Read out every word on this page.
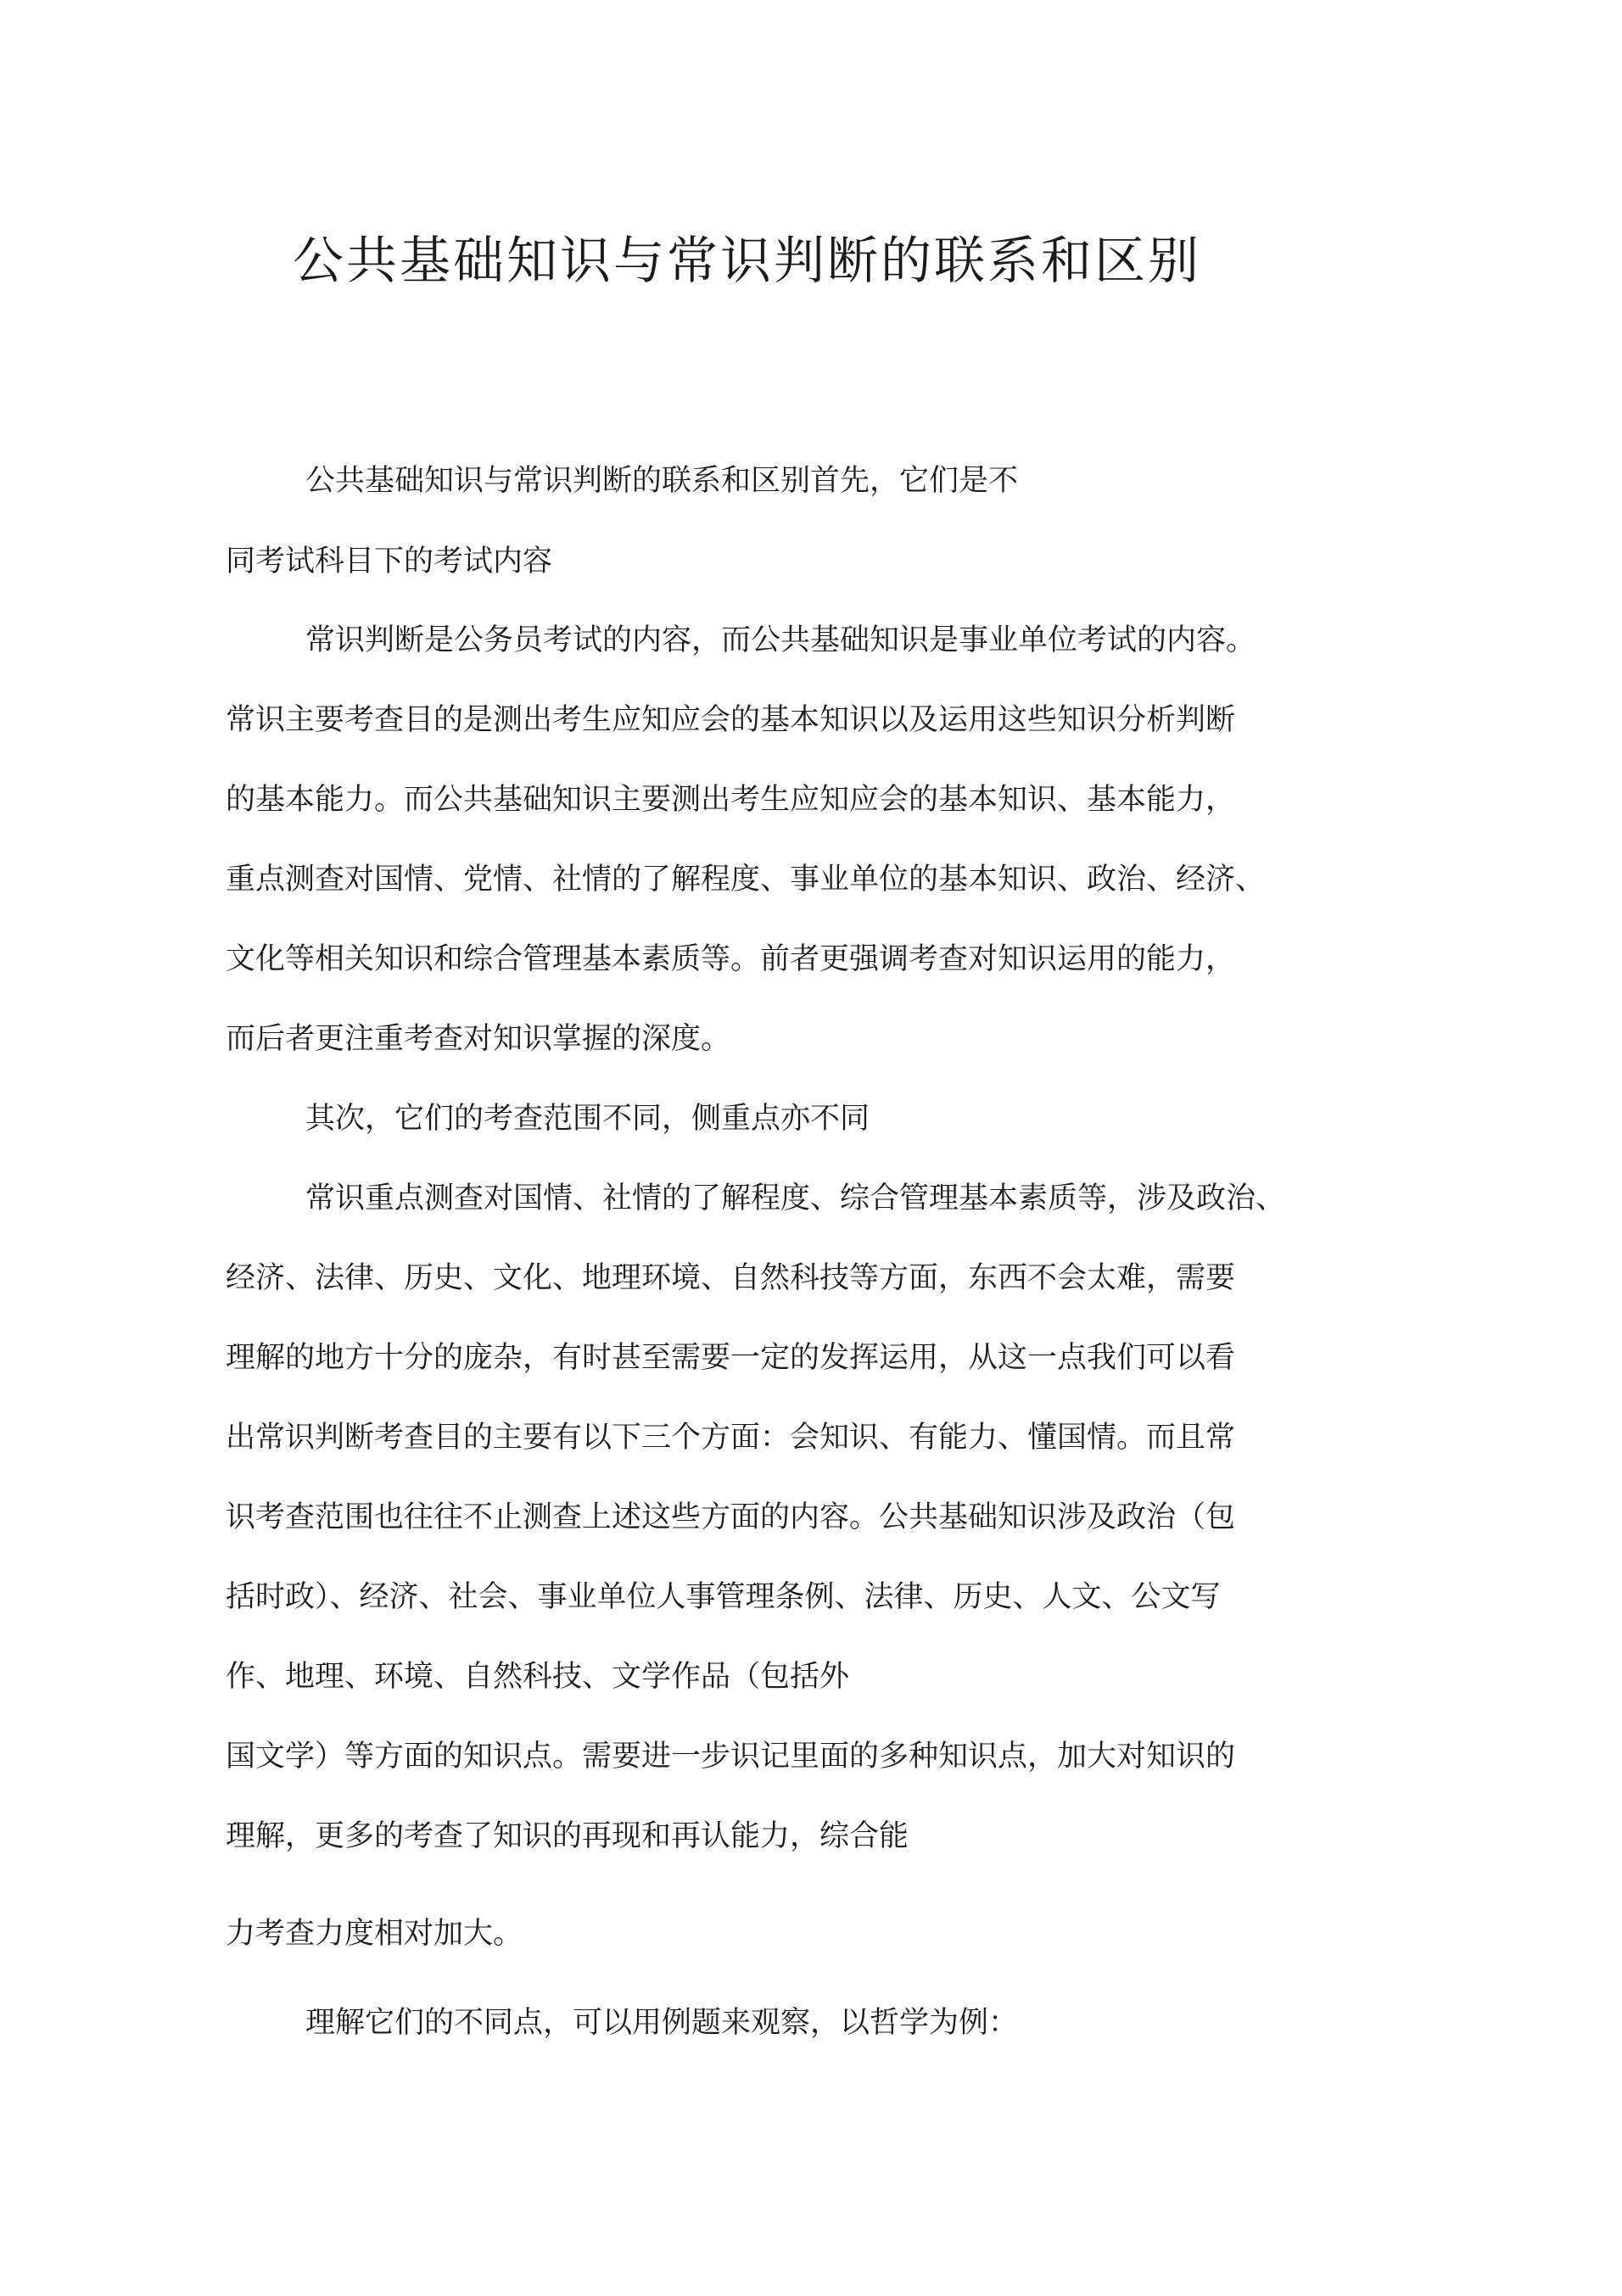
公共基础知识与常识判断的联系和区别

公共基础知识与常识判断的联系和区别首先，它们是不

同考试科目下的考试内容

常识判断是公务员考试的内容，而公共基础知识是事业单位考试的内容。

常识主要考查目的是测出考生应知应会的基本知识以及运用这些知识分析判断

的基本能力。而公共基础知识主要测出考生应知应会的基本知识、基本能力，

重点测查对国情、党情、社情的了解程度、事业单位的基本知识、政治、经济、

文化等相关知识和综合管理基本素质等。前者更强调考查对知识运用的能力，

而后者更注重考查对知识掌握的深度。

其次，它们的考查范围不同，侧重点亦不同

常识重点测查对国情、社情的了解程度、综合管理基本素质等，涉及政治、

经济、法律、历史、文化、地理环境、自然科技等方面，东西不会太难，需要

理解的地方十分的庞杂，有时甚至需要一定的发挥运用，从这一点我们可以看

出常识判断考查目的主要有以下三个方面：会知识、有能力、懂国情。而且常

识考查范围也往往不止测查上述这些方面的内容。公共基础知识涉及政治（包

括时政）、经济、社会、事业单位人事管理条例、法律、历史、人文、公文写

作、地理、环境、自然科技、文学作品（包括外

国文学）等方面的知识点。需要进一步识记里面的多种知识点，加大对知识的

理解，更多的考查了知识的再现和再认能力，综合能

力考查力度相对加大。

理解它们的不同点，可以用例题来观察，以哲学为例：
